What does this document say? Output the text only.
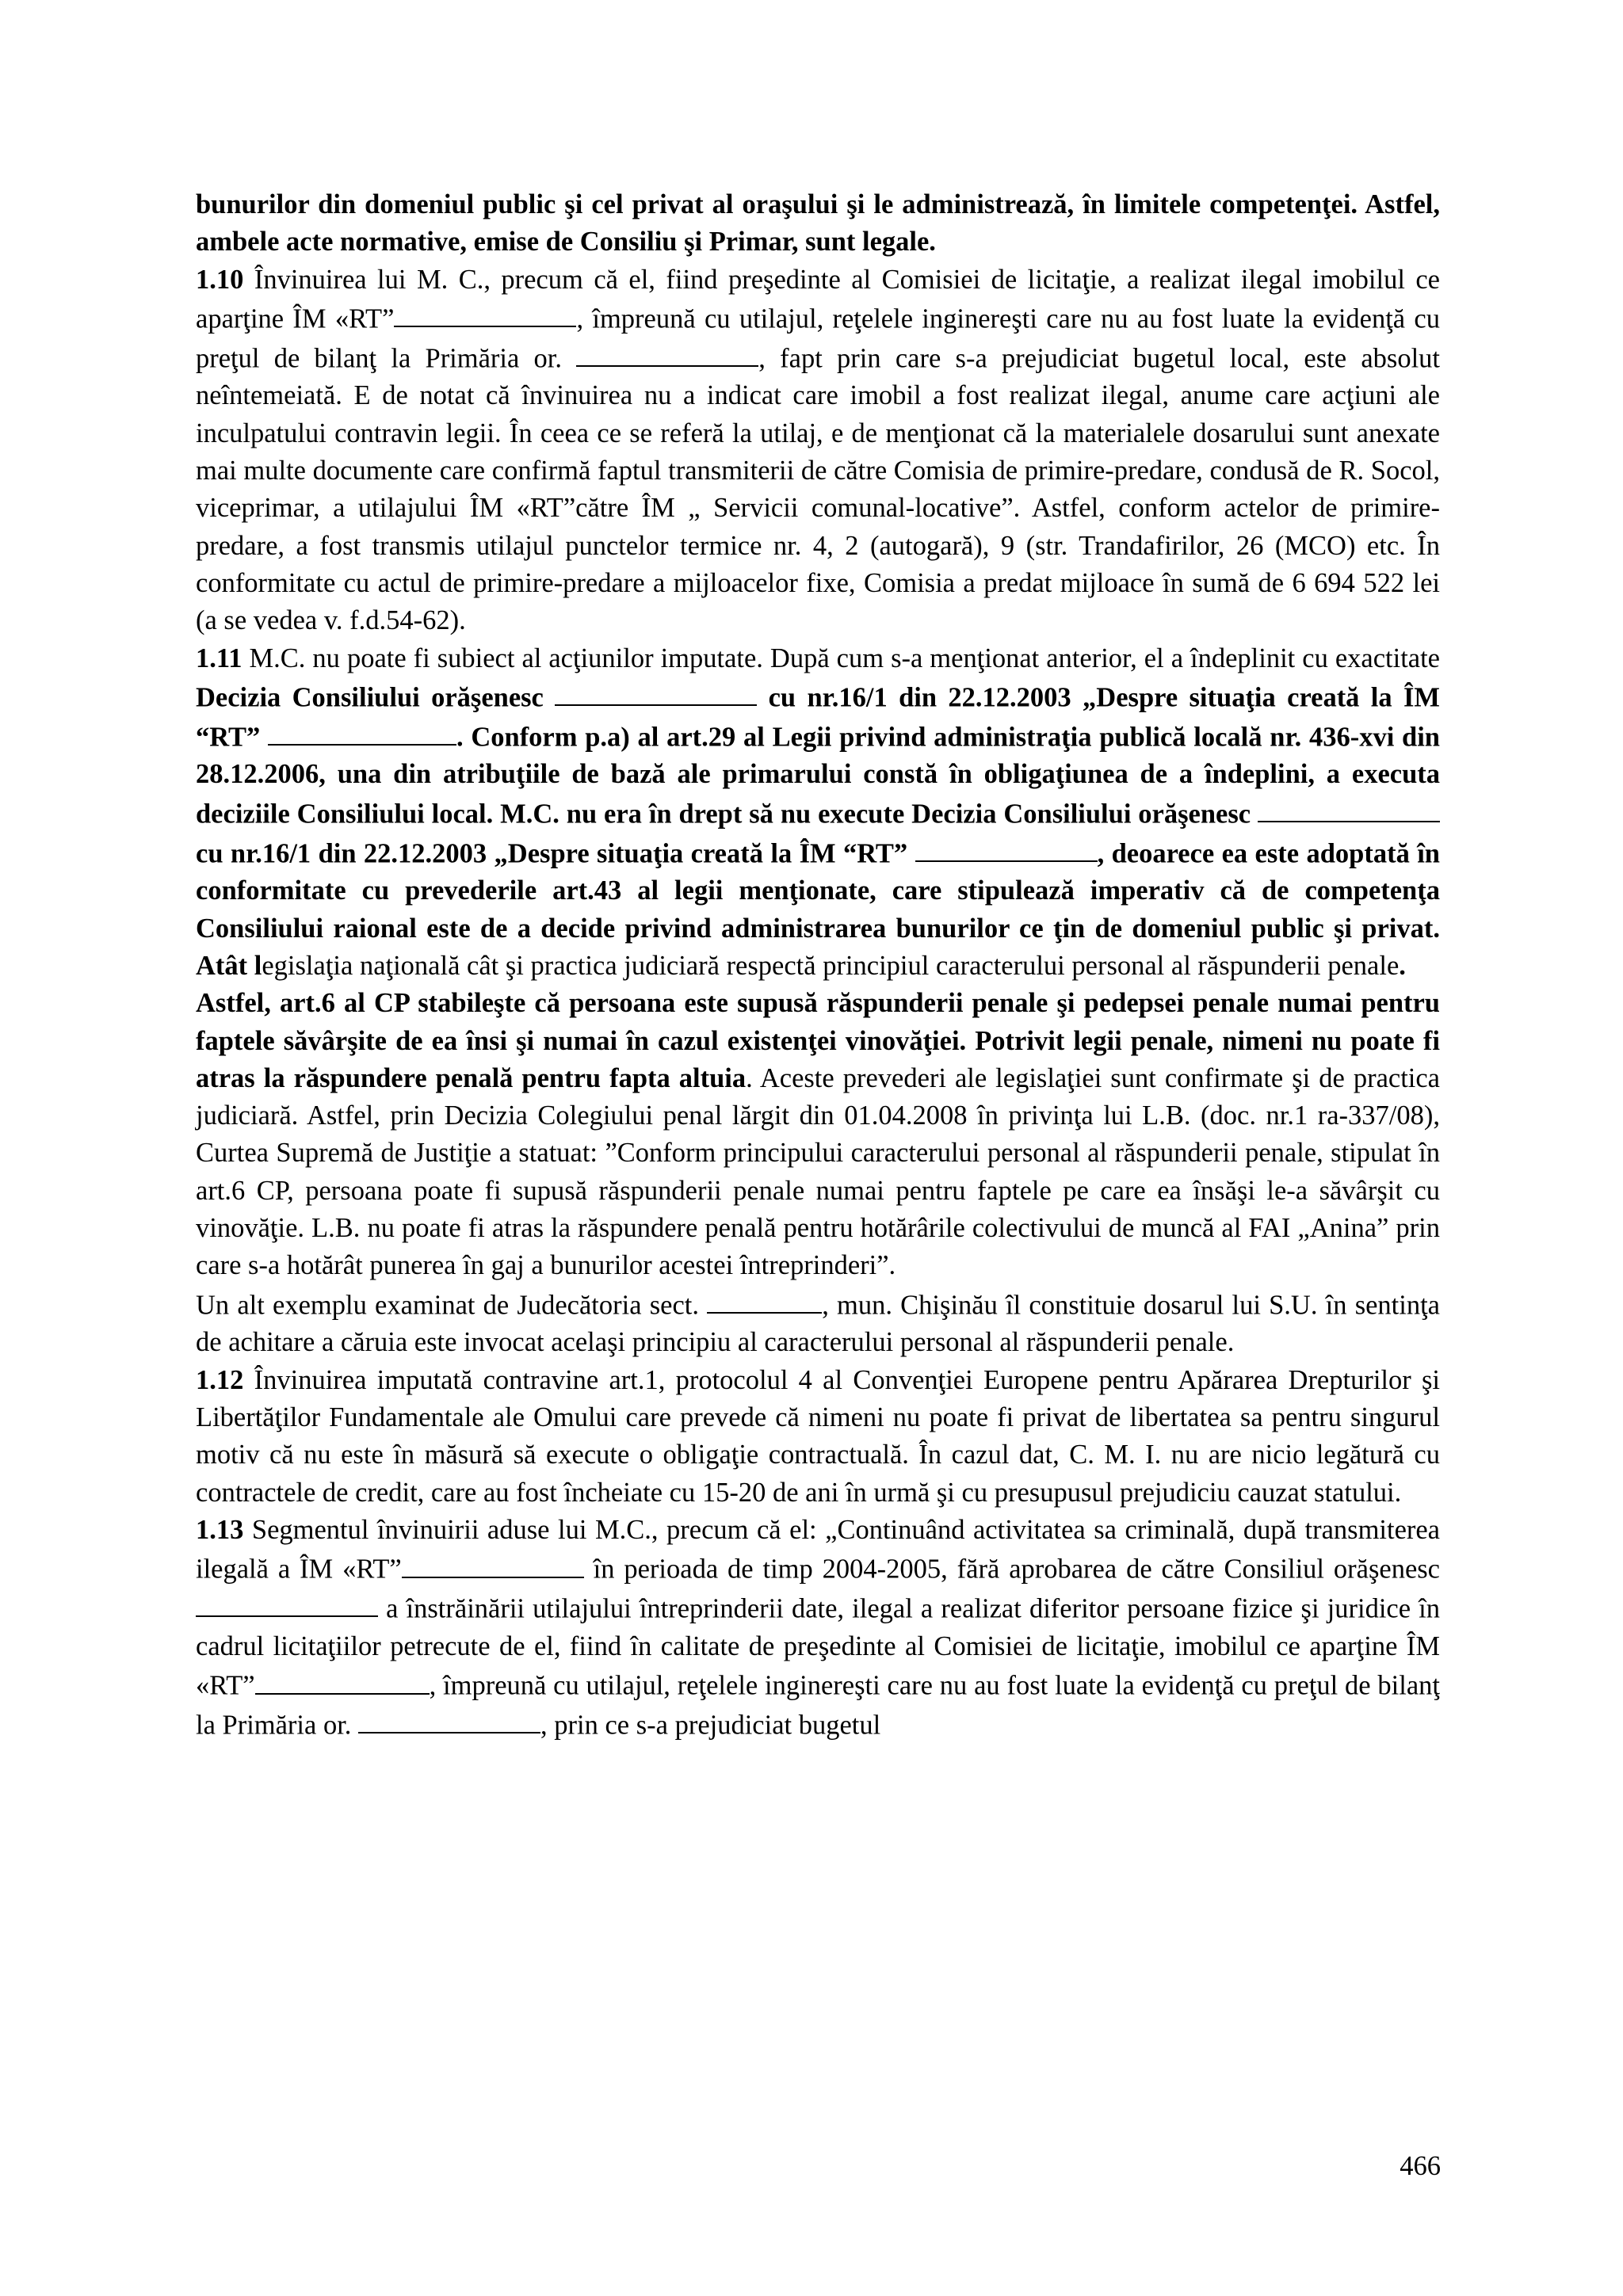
bunurilor din domeniul public şi cel privat al oraşului şi le administrează, în limitele competenţei. Astfel, ambele acte normative, emise de Consiliu şi Primar, sunt legale.

1.10 Învinuirea lui M. C., precum că el, fiind preşedinte al Comisiei de licitaţie, a realizat ilegal imobilul ce aparţine ÎM «RT”	, împreună cu utilajul, reţelele inginereşti care nu au fost luate la evidenţă cu preţul de bilanţ la Primăria or.	, fapt prin care s-a prejudiciat bugetul local, este absolut neîntemeiată. E de notat că învinuirea nu a indicat care imobil a fost realizat ilegal, anume care acţiuni ale inculpatului contravin legii. În ceea ce se referă la utilaj, e de menţionat că la materialele dosarului sunt anexate mai multe documente care confirmă faptul transmiterii de către Comisia de primire-predare, condusă de R. Socol, viceprimar, a utilajului ÎM «RT”către ÎM „ Servicii comunal-locative”. Astfel, conform actelor de primire-predare, a fost transmis utilajul punctelor termice nr. 4, 2 (autogară), 9 (str. Trandafirilor, 26 (MCO) etc. În conformitate cu actul de primire-predare a mijloacelor fixe, Comisia a predat mijloace în sumă de 6 694 522 lei (a se vedea v. f.d.54-62).

1.11 M.C. nu poate fi subiect al acţiunilor imputate. După cum s-a menţionat anterior, el a îndeplinit cu exactitate Decizia Consiliului orăşenesc	cu nr.16/1 din 22.12.2003 „Despre situaţia creată la ÎM “RT”	. Conform p.a) al art.29 al Legii privind administraţia publică locală nr. 436-xvi din 28.12.2006, una din atribuţiile de bază ale primarului constă în obligaţiunea de a îndeplini, a executa deciziile Consiliului local. M.C. nu era în drept să nu execute Decizia Consiliului orăşenesc  cu nr.16/1 din 22.12.2003 „Despre situaţia creată la ÎM “RT”	, deoarece ea este adoptată în conformitate cu prevederile art.43 al legii menţionate, care stipulează imperativ că de competenţa Consiliului raional este de a decide privind administrarea bunurilor ce ţin de domeniul public şi privat. Atât legislaţia naţională cât şi practica judiciară respectă principiul caracterului personal al răspunderii penale.

Astfel, art.6 al CP stabileşte că persoana este supusă răspunderii penale şi pedepsei penale numai pentru faptele săvârşite de ea însi şi numai în cazul existenţei vinovăţiei. Potrivit legii penale, nimeni nu poate fi atras la răspundere penală pentru fapta altuia. Aceste prevederi ale legislaţiei sunt confirmate şi de practica judiciară. Astfel, prin Decizia Colegiului penal lărgit din 01.04.2008 în privinţa lui L.B. (doc. nr.1 ra-337/08), Curtea Supremă de Justiţie a statuat: ”Conform principului caracterului personal al răspunderii penale, stipulat în art.6 CP, persoana poate fi supusă răspunderii penale numai pentru faptele pe care ea însăşi le-a săvârşit cu vinovăţie. L.B. nu poate fi atras la răspundere penală pentru hotărârile colectivului de muncă al FAI „Anina” prin care s-a hotărât punerea în gaj a bunurilor acestei întreprinderi”.

Un alt exemplu examinat de Judecătoria sect.	, mun. Chişinău îl constituie dosarul lui S.U. în sentinţa de achitare a căruia este invocat acelaşi principiu al caracterului personal al răspunderii penale.

1.12 Învinuirea imputată contravine art.1, protocolul 4 al Convenţiei Europene pentru Apărarea Drepturilor şi Libertăţilor Fundamentale ale Omului care prevede că nimeni nu poate fi privat de libertatea sa pentru singurul motiv că nu este în măsură să execute o obligaţie contractuală. În cazul dat, C. M. I. nu are nicio legătură cu contractele de credit, care au fost încheiate cu 15-20 de ani în urmă şi cu presupusul prejudiciu cauzat statului.

1.13 Segmentul învinuirii aduse lui M.C., precum că el: „Continuând activitatea sa criminală, după transmiterea ilegală a ÎM «RT”	în perioada de timp 2004-2005, fără aprobarea de către Consiliul orăşenesc  a înstrăinării utilajului întreprinderii date, ilegal a realizat diferitor persoane fizice şi juridice în cadrul licitaţiilor petrecute de el, fiind în calitate de preşedinte al Comisiei de licitaţie, imobilul ce aparţine ÎM «RT”	, împreună cu utilajul, reţelele inginereşti care nu au fost luate la evidenţă cu preţul de bilanţ la Primăria or.	, prin ce s-a prejudiciat bugetul

466
